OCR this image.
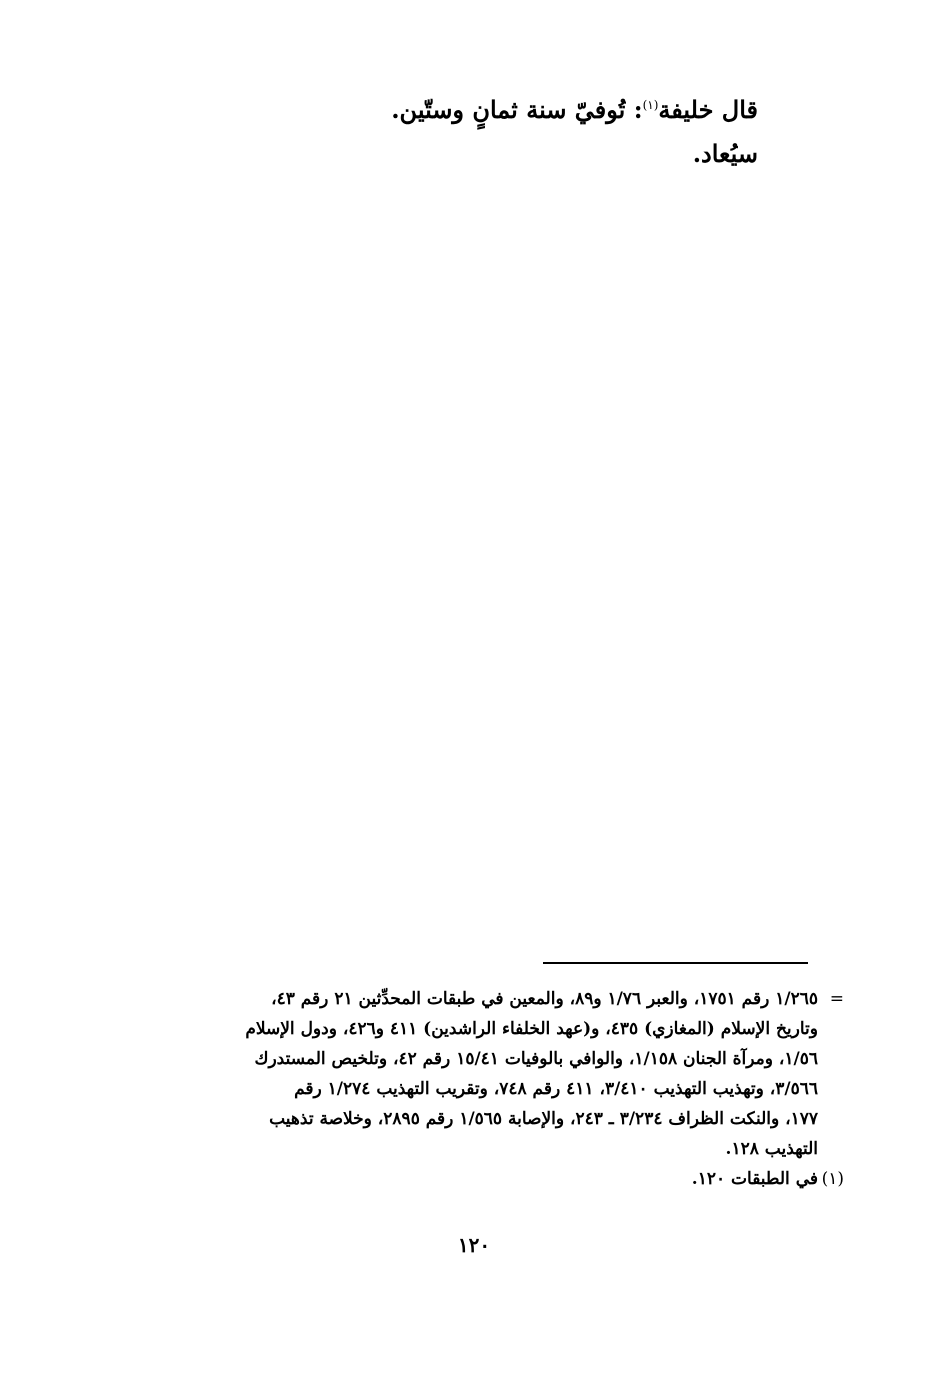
قال خليفة$^{(١)}$: تُوفيّ سنة ثمانٍ وستّين.

سيُعاد.

=
١/٢٦٥ رقم ١٧٥١، والعبر ١/٧٦ و٨٩، والمعين في طبقات المحدِّثين ٢١ رقم ٤٣،
وتاريخ الإسلام (المغازي) ٤٣٥، و(عهد الخلفاء الراشدين) ٤١١ و٤٢٦، ودول الإسلام
١/٥٦، ومرآة الجنان ١/١٥٨، والوافي بالوفيات ١٥/٤١ رقم ٤٢، وتلخيص المستدرك
٣/٥٦٦، وتهذيب التهذيب ٣/٤١٠، ٤١١ رقم ٧٤٨، وتقريب التهذيب ١/٢٧٤ رقم
١٧٧، والنكت الظراف ٣/٢٣٤ ـ ٢٤٣، والإصابة ١/٥٦٥ رقم ٢٨٩٥، وخلاصة تذهيب
التهذيب ١٢٨.
(١)
في الطبقات ١٢٠.
١٢٠
